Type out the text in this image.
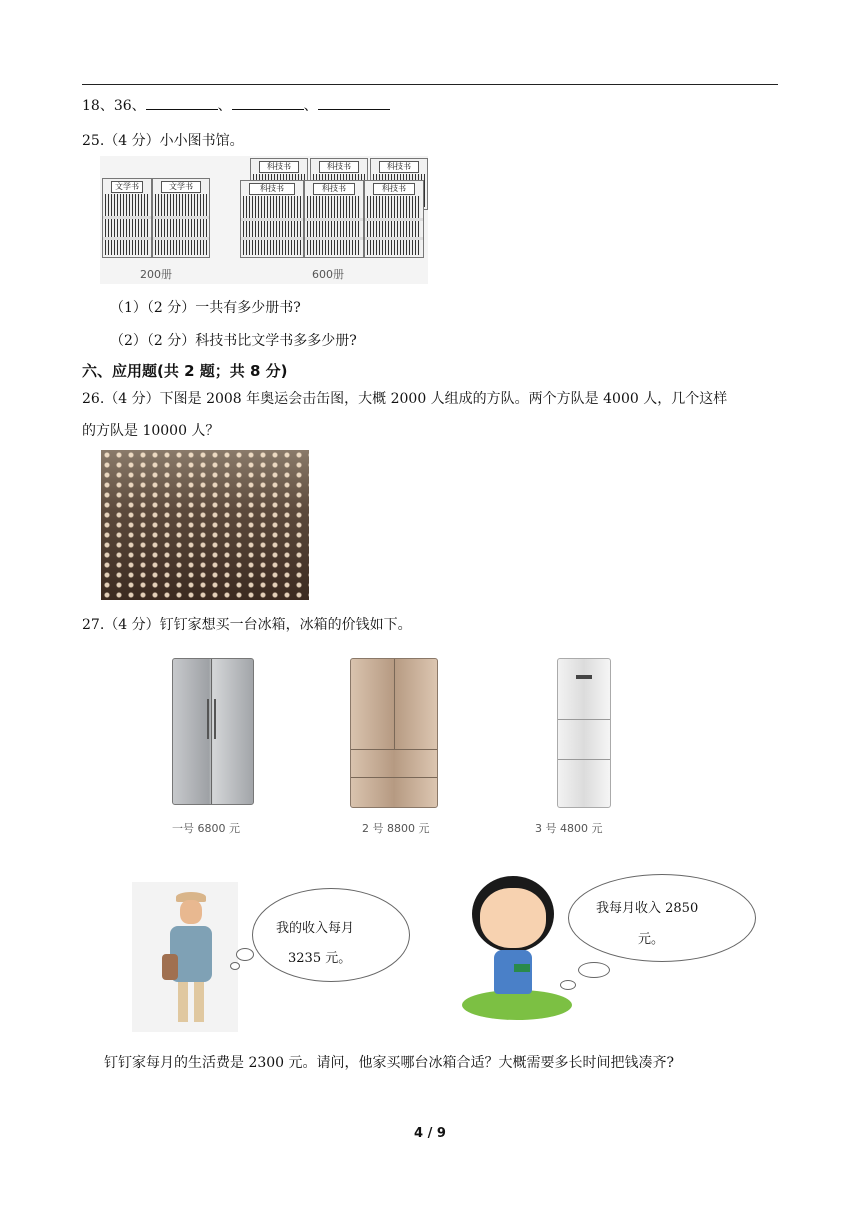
18、36、	、	、
25.（4 分）小小图书馆。
文学书	文学书
科技书	科技书	科技书
科技书	科技书	科技书
200册	600册
（1）（2 分）一共有多少册书?
（2）（2 分）科技书比文学书多多少册?
六、应用题(共 2 题；共 8 分)
26.（4 分）下图是 2008 年奥运会击缶图，大概 2000 人组成的方队。两个方队是 4000 人，几个这样
的方队是 10000 人？
27.（4 分）钉钉家想买一台冰箱，冰箱的价钱如下。
一号 6800 元	2 号 8800 元	3 号 4800 元
我的收入每月
3235 元。
我每月收入 2850
元。
钉钉家每月的生活费是 2300 元。请问，他家买哪台冰箱合适？大概需要多长时间把钱凑齐?
4 / 9
